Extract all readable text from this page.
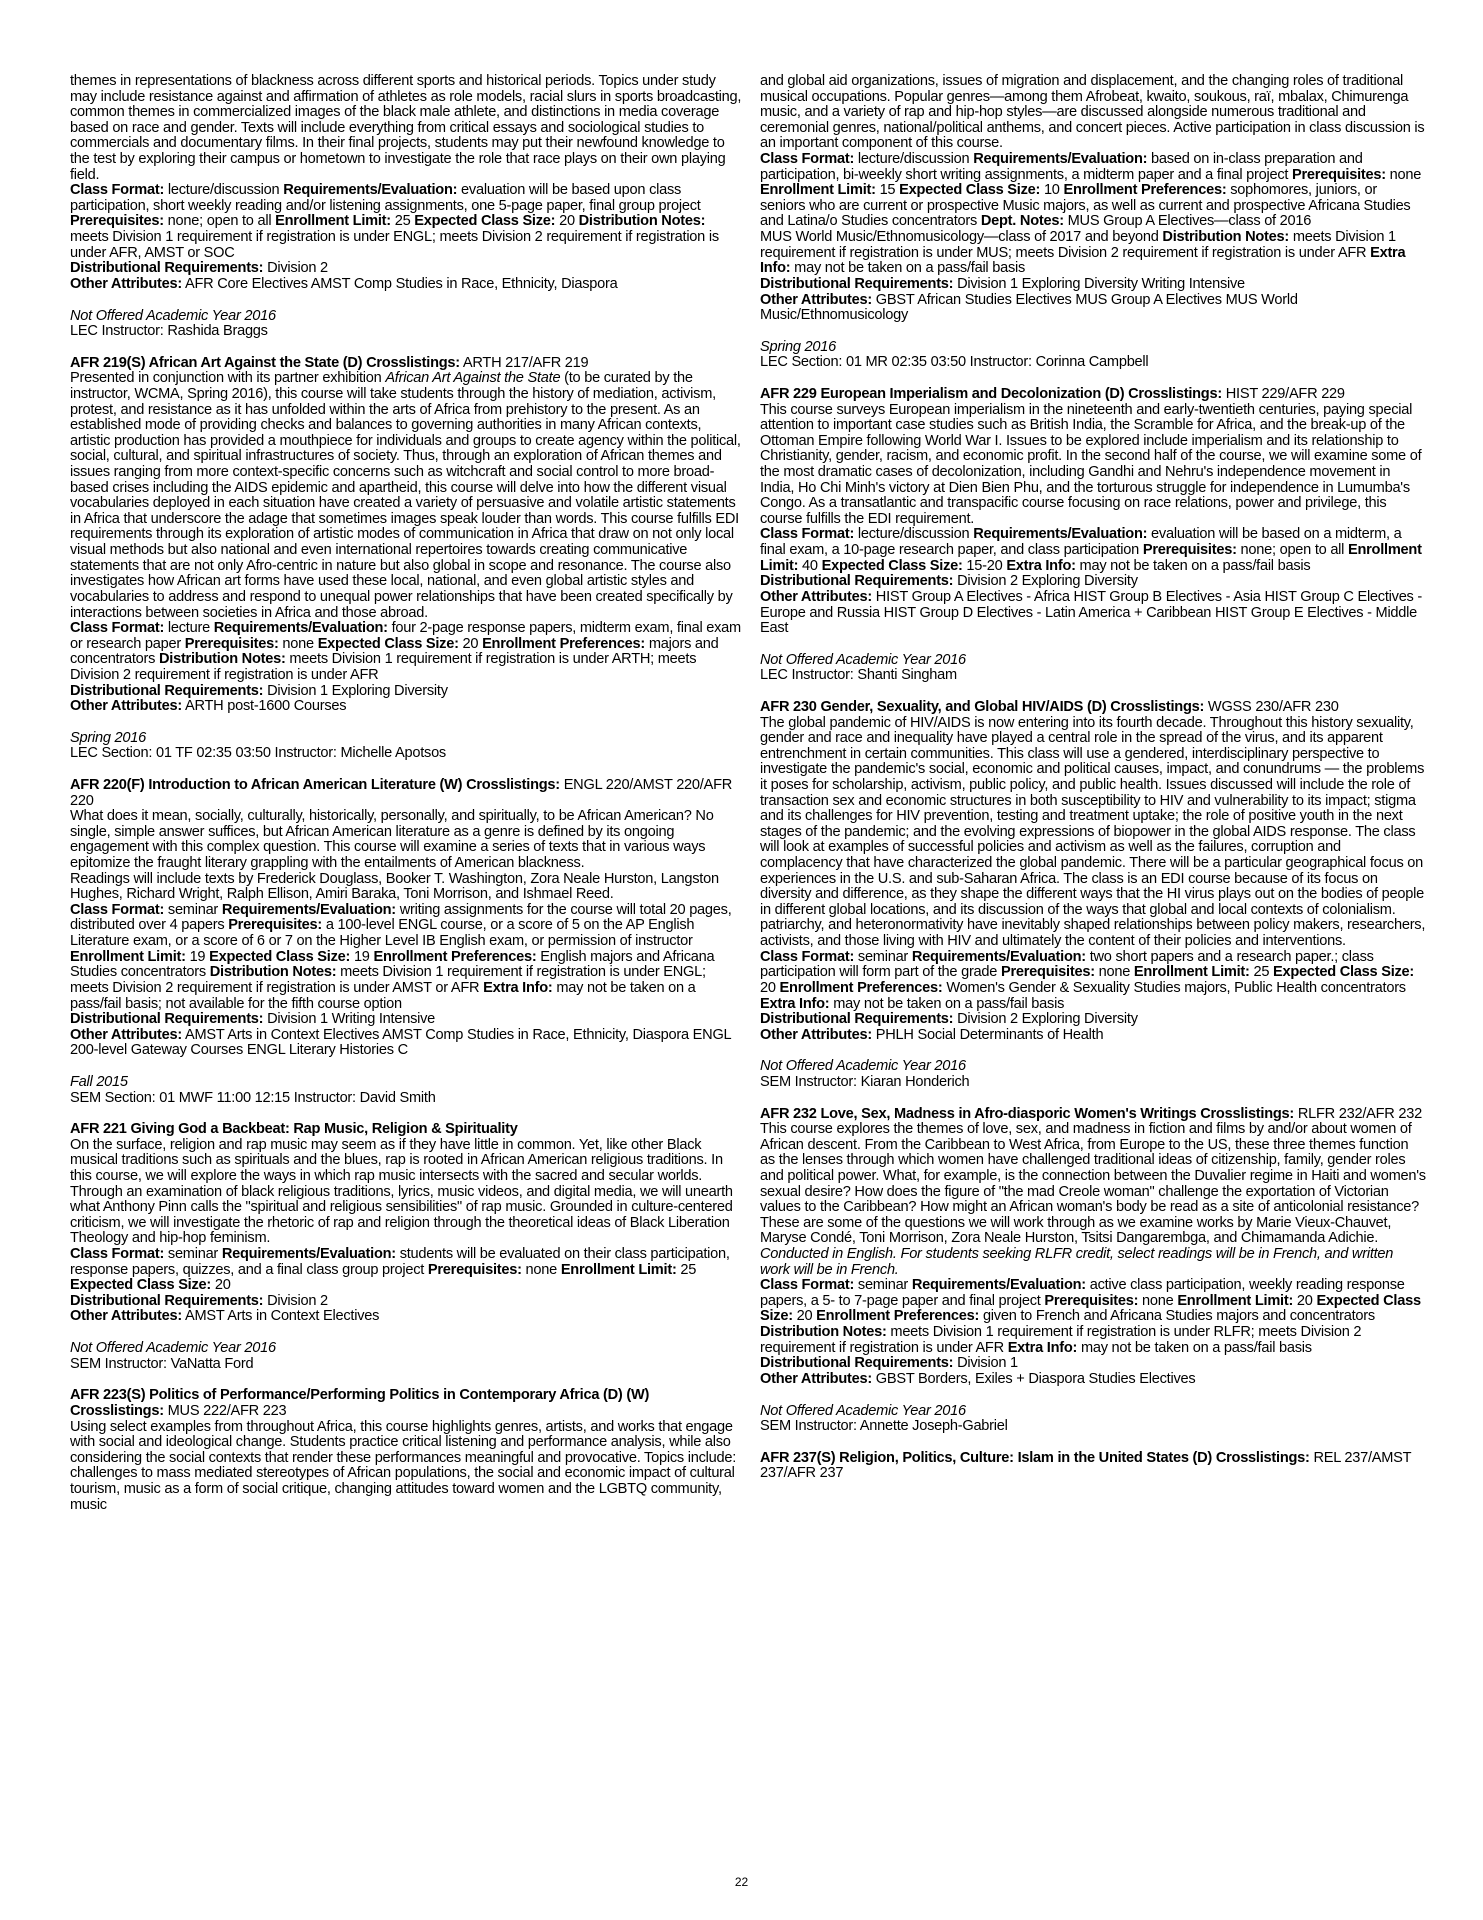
themes in representations of blackness across different sports and historical periods. Topics under study may include resistance against and affirmation of athletes as role models, racial slurs in sports broadcasting, common themes in commercialized images of the black male athlete, and distinctions in media coverage based on race and gender. Texts will include everything from critical essays and sociological studies to commercials and documentary films. In their final projects, students may put their newfound knowledge to the test by exploring their campus or hometown to investigate the role that race plays on their own playing field.
Class Format: lecture/discussion Requirements/Evaluation: evaluation will be based upon class participation, short weekly reading and/or listening assignments, one 5-page paper, final group project Prerequisites: none; open to all Enrollment Limit: 25 Expected Class Size: 20 Distribution Notes: meets Division 1 requirement if registration is under ENGL; meets Division 2 requirement if registration is under AFR, AMST or SOC
Distributional Requirements: Division 2
Other Attributes: AFR Core Electives AMST Comp Studies in Race, Ethnicity, Diaspora
Not Offered Academic Year 2016
LEC Instructor: Rashida Braggs
AFR 219(S) African Art Against the State (D) Crosslistings: ARTH 217/AFR 219
Presented in conjunction with its partner exhibition African Art Against the State (to be curated by the instructor, WCMA, Spring 2016), this course will take students through the history of mediation, activism, protest, and resistance as it has unfolded within the arts of Africa from prehistory to the present. As an established mode of providing checks and balances to governing authorities in many African contexts, artistic production has provided a mouthpiece for individuals and groups to create agency within the political, social, cultural, and spiritual infrastructures of society. Thus, through an exploration of African themes and issues ranging from more context-specific concerns such as witchcraft and social control to more broad-based crises including the AIDS epidemic and apartheid, this course will delve into how the different visual vocabularies deployed in each situation have created a variety of persuasive and volatile artistic statements in Africa that underscore the adage that sometimes images speak louder than words. This course fulfills EDI requirements through its exploration of artistic modes of communication in Africa that draw on not only local visual methods but also national and even international repertoires towards creating communicative statements that are not only Afro-centric in nature but also global in scope and resonance. The course also investigates how African art forms have used these local, national, and even global artistic styles and vocabularies to address and respond to unequal power relationships that have been created specifically by interactions between societies in Africa and those abroad.
Class Format: lecture Requirements/Evaluation: four 2-page response papers, midterm exam, final exam or research paper Prerequisites: none Expected Class Size: 20 Enrollment Preferences: majors and concentrators Distribution Notes: meets Division 1 requirement if registration is under ARTH; meets Division 2 requirement if registration is under AFR
Distributional Requirements: Division 1 Exploring Diversity
Other Attributes: ARTH post-1600 Courses
Spring 2016
LEC Section: 01 TF 02:35 03:50 Instructor: Michelle Apotsos
AFR 220(F) Introduction to African American Literature (W) Crosslistings: ENGL 220/AMST 220/AFR 220
What does it mean, socially, culturally, historically, personally, and spiritually, to be African American? No single, simple answer suffices, but African American literature as a genre is defined by its ongoing engagement with this complex question. This course will examine a series of texts that in various ways epitomize the fraught literary grappling with the entailments of American blackness.
Readings will include texts by Frederick Douglass, Booker T. Washington, Zora Neale Hurston, Langston Hughes, Richard Wright, Ralph Ellison, Amiri Baraka, Toni Morrison, and Ishmael Reed.
Class Format: seminar Requirements/Evaluation: writing assignments for the course will total 20 pages, distributed over 4 papers Prerequisites: a 100-level ENGL course, or a score of 5 on the AP English Literature exam, or a score of 6 or 7 on the Higher Level IB English exam, or permission of instructor Enrollment Limit: 19 Expected Class Size: 19 Enrollment Preferences: English majors and Africana Studies concentrators Distribution Notes: meets Division 1 requirement if registration is under ENGL; meets Division 2 requirement if registration is under AMST or AFR Extra Info: may not be taken on a pass/fail basis; not available for the fifth course option
Distributional Requirements: Division 1 Writing Intensive
Other Attributes: AMST Arts in Context Electives AMST Comp Studies in Race, Ethnicity, Diaspora ENGL 200-level Gateway Courses ENGL Literary Histories C
Fall 2015
SEM Section: 01 MWF 11:00 12:15 Instructor: David Smith
AFR 221 Giving God a Backbeat: Rap Music, Religion & Spirituality
On the surface, religion and rap music may seem as if they have little in common. Yet, like other Black musical traditions such as spirituals and the blues, rap is rooted in African American religious traditions. In this course, we will explore the ways in which rap music intersects with the sacred and secular worlds. Through an examination of black religious traditions, lyrics, music videos, and digital media, we will unearth what Anthony Pinn calls the "spiritual and religious sensibilities" of rap music. Grounded in culture-centered criticism, we will investigate the rhetoric of rap and religion through the theoretical ideas of Black Liberation Theology and hip-hop feminism.
Class Format: seminar Requirements/Evaluation: students will be evaluated on their class participation, response papers, quizzes, and a final class group project Prerequisites: none Enrollment Limit: 25 Expected Class Size: 20
Distributional Requirements: Division 2
Other Attributes: AMST Arts in Context Electives
Not Offered Academic Year 2016
SEM Instructor: VaNatta Ford
AFR 223(S) Politics of Performance/Performing Politics in Contemporary Africa (D) (W)
Crosslistings: MUS 222/AFR 223
Using select examples from throughout Africa, this course highlights genres, artists, and works that engage with social and ideological change. Students practice critical listening and performance analysis, while also considering the social contexts that render these performances meaningful and provocative. Topics include: challenges to mass mediated stereotypes of African populations, the social and economic impact of cultural tourism, music as a form of social critique, changing attitudes toward women and the LGBTQ community, music
and global aid organizations, issues of migration and displacement, and the changing roles of traditional musical occupations. Popular genres—among them Afrobeat, kwaito, soukous, raï, mbalax, Chimurenga music, and a variety of rap and hip-hop styles—are discussed alongside numerous traditional and ceremonial genres, national/political anthems, and concert pieces. Active participation in class discussion is an important component of this course.
Class Format: lecture/discussion Requirements/Evaluation: based on in-class preparation and participation, bi-weekly short writing assignments, a midterm paper and a final project Prerequisites: none Enrollment Limit: 15 Expected Class Size: 10 Enrollment Preferences: sophomores, juniors, or seniors who are current or prospective Music majors, as well as current and prospective Africana Studies and Latina/o Studies concentrators Dept. Notes: MUS Group A Electives—class of 2016
MUS World Music/Ethnomusicology—class of 2017 and beyond Distribution Notes: meets Division 1 requirement if registration is under MUS; meets Division 2 requirement if registration is under AFR Extra Info: may not be taken on a pass/fail basis
Distributional Requirements: Division 1 Exploring Diversity Writing Intensive
Other Attributes: GBST African Studies Electives MUS Group A Electives MUS World Music/Ethnomusicology
Spring 2016
LEC Section: 01 MR 02:35 03:50 Instructor: Corinna Campbell
AFR 229 European Imperialism and Decolonization (D) Crosslistings: HIST 229/AFR 229
This course surveys European imperialism in the nineteenth and early-twentieth centuries, paying special attention to important case studies such as British India, the Scramble for Africa, and the break-up of the Ottoman Empire following World War I. Issues to be explored include imperialism and its relationship to Christianity, gender, racism, and economic profit. In the second half of the course, we will examine some of the most dramatic cases of decolonization, including Gandhi and Nehru's independence movement in India, Ho Chi Minh's victory at Dien Bien Phu, and the torturous struggle for independence in Lumumba's Congo. As a transatlantic and transpacific course focusing on race relations, power and privilege, this course fulfills the EDI requirement.
Class Format: lecture/discussion Requirements/Evaluation: evaluation will be based on a midterm, a final exam, a 10-page research paper, and class participation Prerequisites: none; open to all Enrollment Limit: 40 Expected Class Size: 15-20 Extra Info: may not be taken on a pass/fail basis
Distributional Requirements: Division 2 Exploring Diversity
Other Attributes: HIST Group A Electives - Africa HIST Group B Electives - Asia HIST Group C Electives - Europe and Russia HIST Group D Electives - Latin America + Caribbean HIST Group E Electives - Middle East
Not Offered Academic Year 2016
LEC Instructor: Shanti Singham
AFR 230 Gender, Sexuality, and Global HIV/AIDS (D) Crosslistings: WGSS 230/AFR 230
The global pandemic of HIV/AIDS is now entering into its fourth decade. Throughout this history sexuality, gender and race and inequality have played a central role in the spread of the virus, and its apparent entrenchment in certain communities. This class will use a gendered, interdisciplinary perspective to investigate the pandemic's social, economic and political causes, impact, and conundrums — the problems it poses for scholarship, activism, public policy, and public health. Issues discussed will include the role of transaction sex and economic structures in both susceptibility to HIV and vulnerability to its impact; stigma and its challenges for HIV prevention, testing and treatment uptake; the role of positive youth in the next stages of the pandemic; and the evolving expressions of biopower in the global AIDS response. The class will look at examples of successful policies and activism as well as the failures, corruption and complacency that have characterized the global pandemic. There will be a particular geographical focus on experiences in the U.S. and sub-Saharan Africa. The class is an EDI course because of its focus on diversity and difference, as they shape the different ways that the HI virus plays out on the bodies of people in different global locations, and its discussion of the ways that global and local contexts of colonialism. patriarchy, and heteronormativity have inevitably shaped relationships between policy makers, researchers, activists, and those living with HIV and ultimately the content of their policies and interventions.
Class Format: seminar Requirements/Evaluation: two short papers and a research paper.; class participation will form part of the grade Prerequisites: none Enrollment Limit: 25 Expected Class Size: 20 Enrollment Preferences: Women's Gender & Sexuality Studies majors, Public Health concentrators Extra Info: may not be taken on a pass/fail basis
Distributional Requirements: Division 2 Exploring Diversity
Other Attributes: PHLH Social Determinants of Health
Not Offered Academic Year 2016
SEM Instructor: Kiaran Honderich
AFR 232 Love, Sex, Madness in Afro-diasporic Women's Writings Crosslistings: RLFR 232/AFR 232
This course explores the themes of love, sex, and madness in fiction and films by and/or about women of African descent. From the Caribbean to West Africa, from Europe to the US, these three themes function as the lenses through which women have challenged traditional ideas of citizenship, family, gender roles and political power. What, for example, is the connection between the Duvalier regime in Haiti and women's sexual desire? How does the figure of "the mad Creole woman" challenge the exportation of Victorian values to the Caribbean? How might an African woman's body be read as a site of anticolonial resistance? These are some of the questions we will work through as we examine works by Marie Vieux-Chauvet, Maryse Condé, Toni Morrison, Zora Neale Hurston, Tsitsi Dangarembga, and Chimamanda Adichie. Conducted in English. For students seeking RLFR credit, select readings will be in French, and written work will be in French.
Class Format: seminar Requirements/Evaluation: active class participation, weekly reading response papers, a 5- to 7-page paper and final project Prerequisites: none Enrollment Limit: 20 Expected Class Size: 20 Enrollment Preferences: given to French and Africana Studies majors and concentrators Distribution Notes: meets Division 1 requirement if registration is under RLFR; meets Division 2 requirement if registration is under AFR Extra Info: may not be taken on a pass/fail basis
Distributional Requirements: Division 1
Other Attributes: GBST Borders, Exiles + Diaspora Studies Electives
Not Offered Academic Year 2016
SEM Instructor: Annette Joseph-Gabriel
AFR 237(S) Religion, Politics, Culture: Islam in the United States (D) Crosslistings: REL 237/AMST 237/AFR 237
22
